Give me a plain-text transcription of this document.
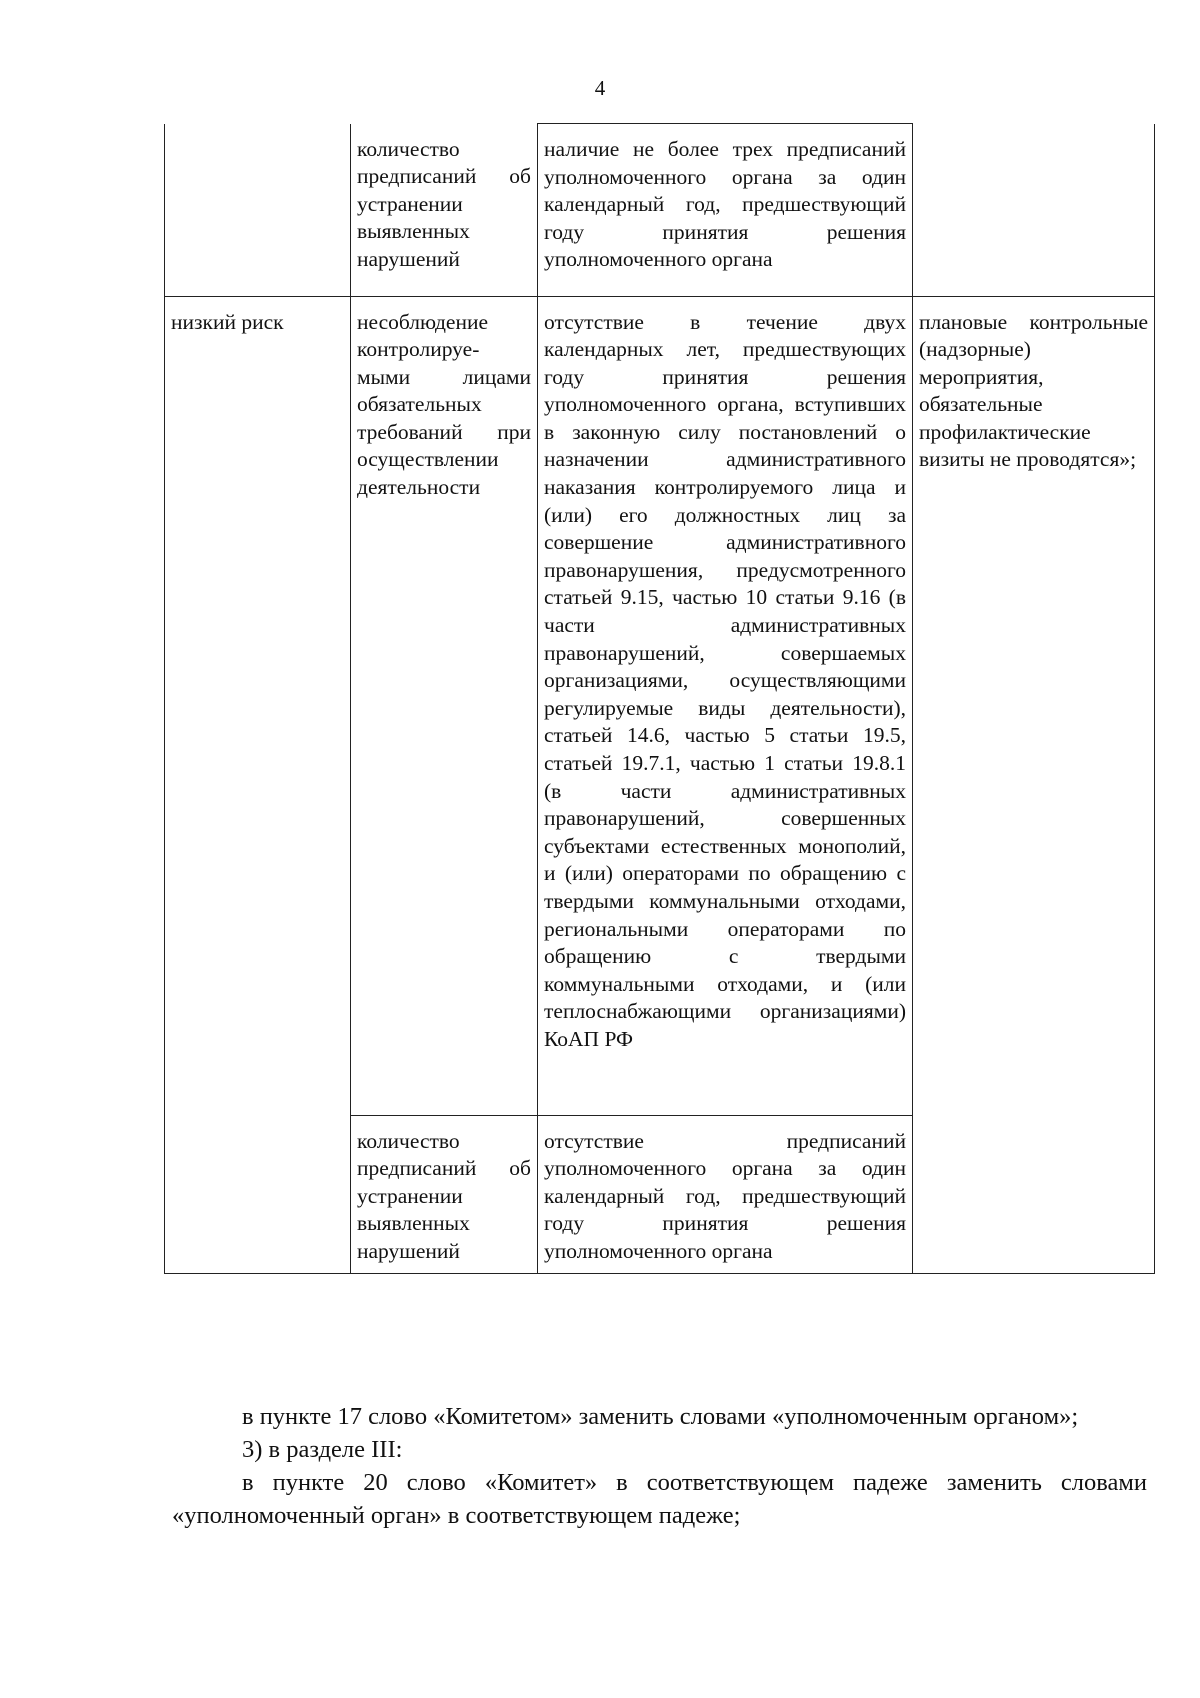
4

	количество предписаний об устранении выявленных нарушений	наличие не более трех предписаний уполномоченного органа за один календарный год, предшествующий году принятия решения уполномоченного органа	

низкий риск	несоблюдение контролируе-мыми лицами обязательных требований при осуществлении деятельности	отсутствие в течение двух календарных лет, предшествующих году принятия решения уполномоченного органа, вступивших в законную силу постановлений о назначении административного наказания контролируемого лица и (или) его должностных лиц за совершение административного правонарушения, предусмотренного статьей 9.15, частью 10 статьи 9.16 (в части административных правонарушений, совершаемых организациями, осуществляющими регулируемые виды деятельности), статьей 14.6, частью 5 статьи 19.5, статьей 19.7.1, частью 1 статьи 19.8.1 (в части административных правонарушений, совершенных субъектами естественных монополий, и (или) операторами по обращению с твердыми коммунальными отходами, региональными операторами по обращению с твердыми коммунальными отходами, и (или теплоснабжающими организациями) КоАП РФ	плановые контрольные (надзорные) мероприятия, обязательные профилактические визиты не проводятся»;

	количество предписаний об устранении выявленных нарушений	отсутствие предписаний уполномоченного органа за один календарный год, предшествующий году принятия решения уполномоченного органа	

в пункте 17 слово «Комитетом» заменить словами «уполномоченным органом»;

3) в разделе III:

в пункте 20 слово «Комитет» в соответствующем падеже заменить словами «уполномоченный орган» в соответствующем падеже;
